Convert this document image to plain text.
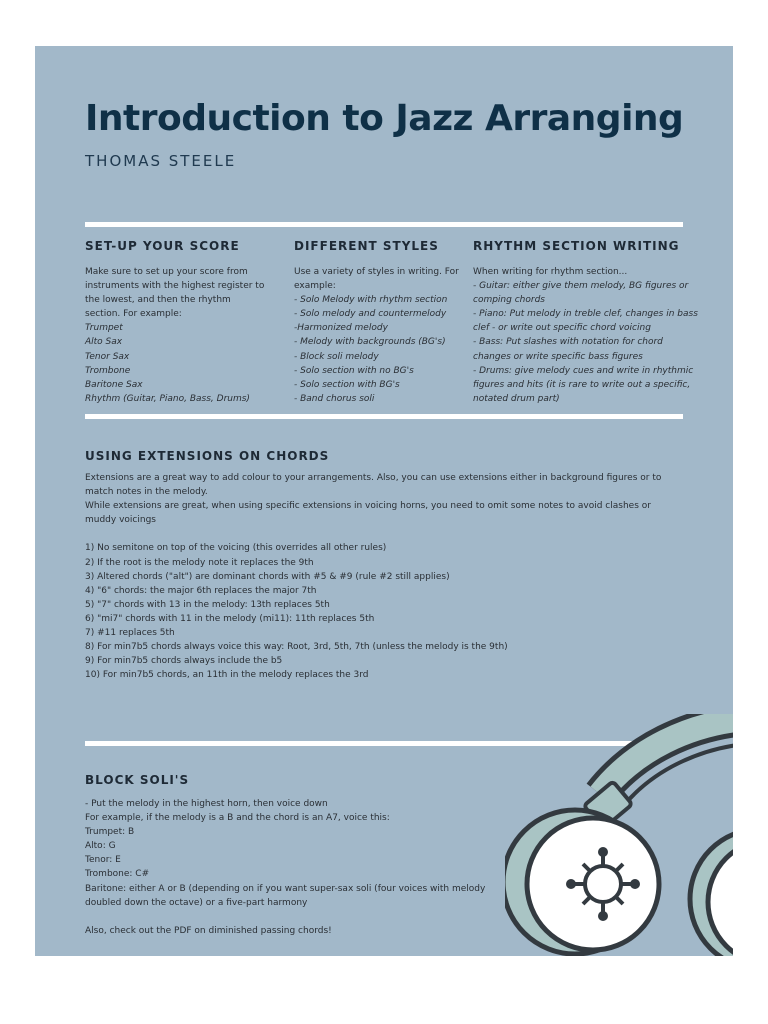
Introduction to Jazz Arranging
THOMAS STEELE
SET-UP YOUR SCORE
Make sure to set up your score from
instruments with the highest register to
the lowest, and then the rhythm
section. For example:
Trumpet
Alto Sax
Tenor Sax
Trombone
Baritone Sax
Rhythm (Guitar, Piano, Bass, Drums)
DIFFERENT STYLES
Use a variety of styles in writing. For
example:
- Solo Melody with rhythm section
- Solo melody and countermelody
-Harmonized melody
- Melody with backgrounds (BG's)
- Block soli melody
- Solo section with no BG's
- Solo section with BG's
- Band chorus soli
RHYTHM SECTION WRITING
When writing for rhythm section...
- Guitar: either give them melody, BG figures or
comping chords
- Piano: Put melody in treble clef, changes in bass
clef - or write out specific chord voicing
- Bass: Put slashes with notation for chord
changes or write specific bass figures
- Drums: give melody cues and write in rhythmic
figures and hits (it is rare to write out a specific,
notated drum part)
USING EXTENSIONS ON CHORDS
Extensions are a great way to add colour to your arrangements. Also, you can use extensions either in background figures or to
match notes in the melody.
While extensions are great, when using specific extensions in voicing horns, you need to omit some notes to avoid clashes or
muddy voicings
1) No semitone on top of the voicing (this overrides all other rules)
2) If the root is the melody note it replaces the 9th
3) Altered chords ("alt") are dominant chords with #5 & #9 (rule #2 still applies)
4) "6" chords: the major 6th replaces the major 7th
5) "7" chords with 13 in the melody: 13th replaces 5th
6) "mi7" chords with 11 in the melody (mi11): 11th replaces 5th
7) #11 replaces 5th
8) For min7b5 chords always voice this way: Root, 3rd, 5th, 7th (unless the melody is the 9th)
9) For min7b5 chords always include the b5
10) For min7b5 chords, an 11th in the melody replaces the 3rd
BLOCK SOLI'S
- Put the melody in the highest horn, then voice down
For example, if the melody is a B and the chord is an A7, voice this:
Trumpet: B
Alto: G
Tenor: E
Trombone: C#
Baritone: either A or B (depending on if you want super-sax soli (four voices with melody
doubled down the octave) or a five-part harmony
Also, check out the PDF on diminished passing chords!
